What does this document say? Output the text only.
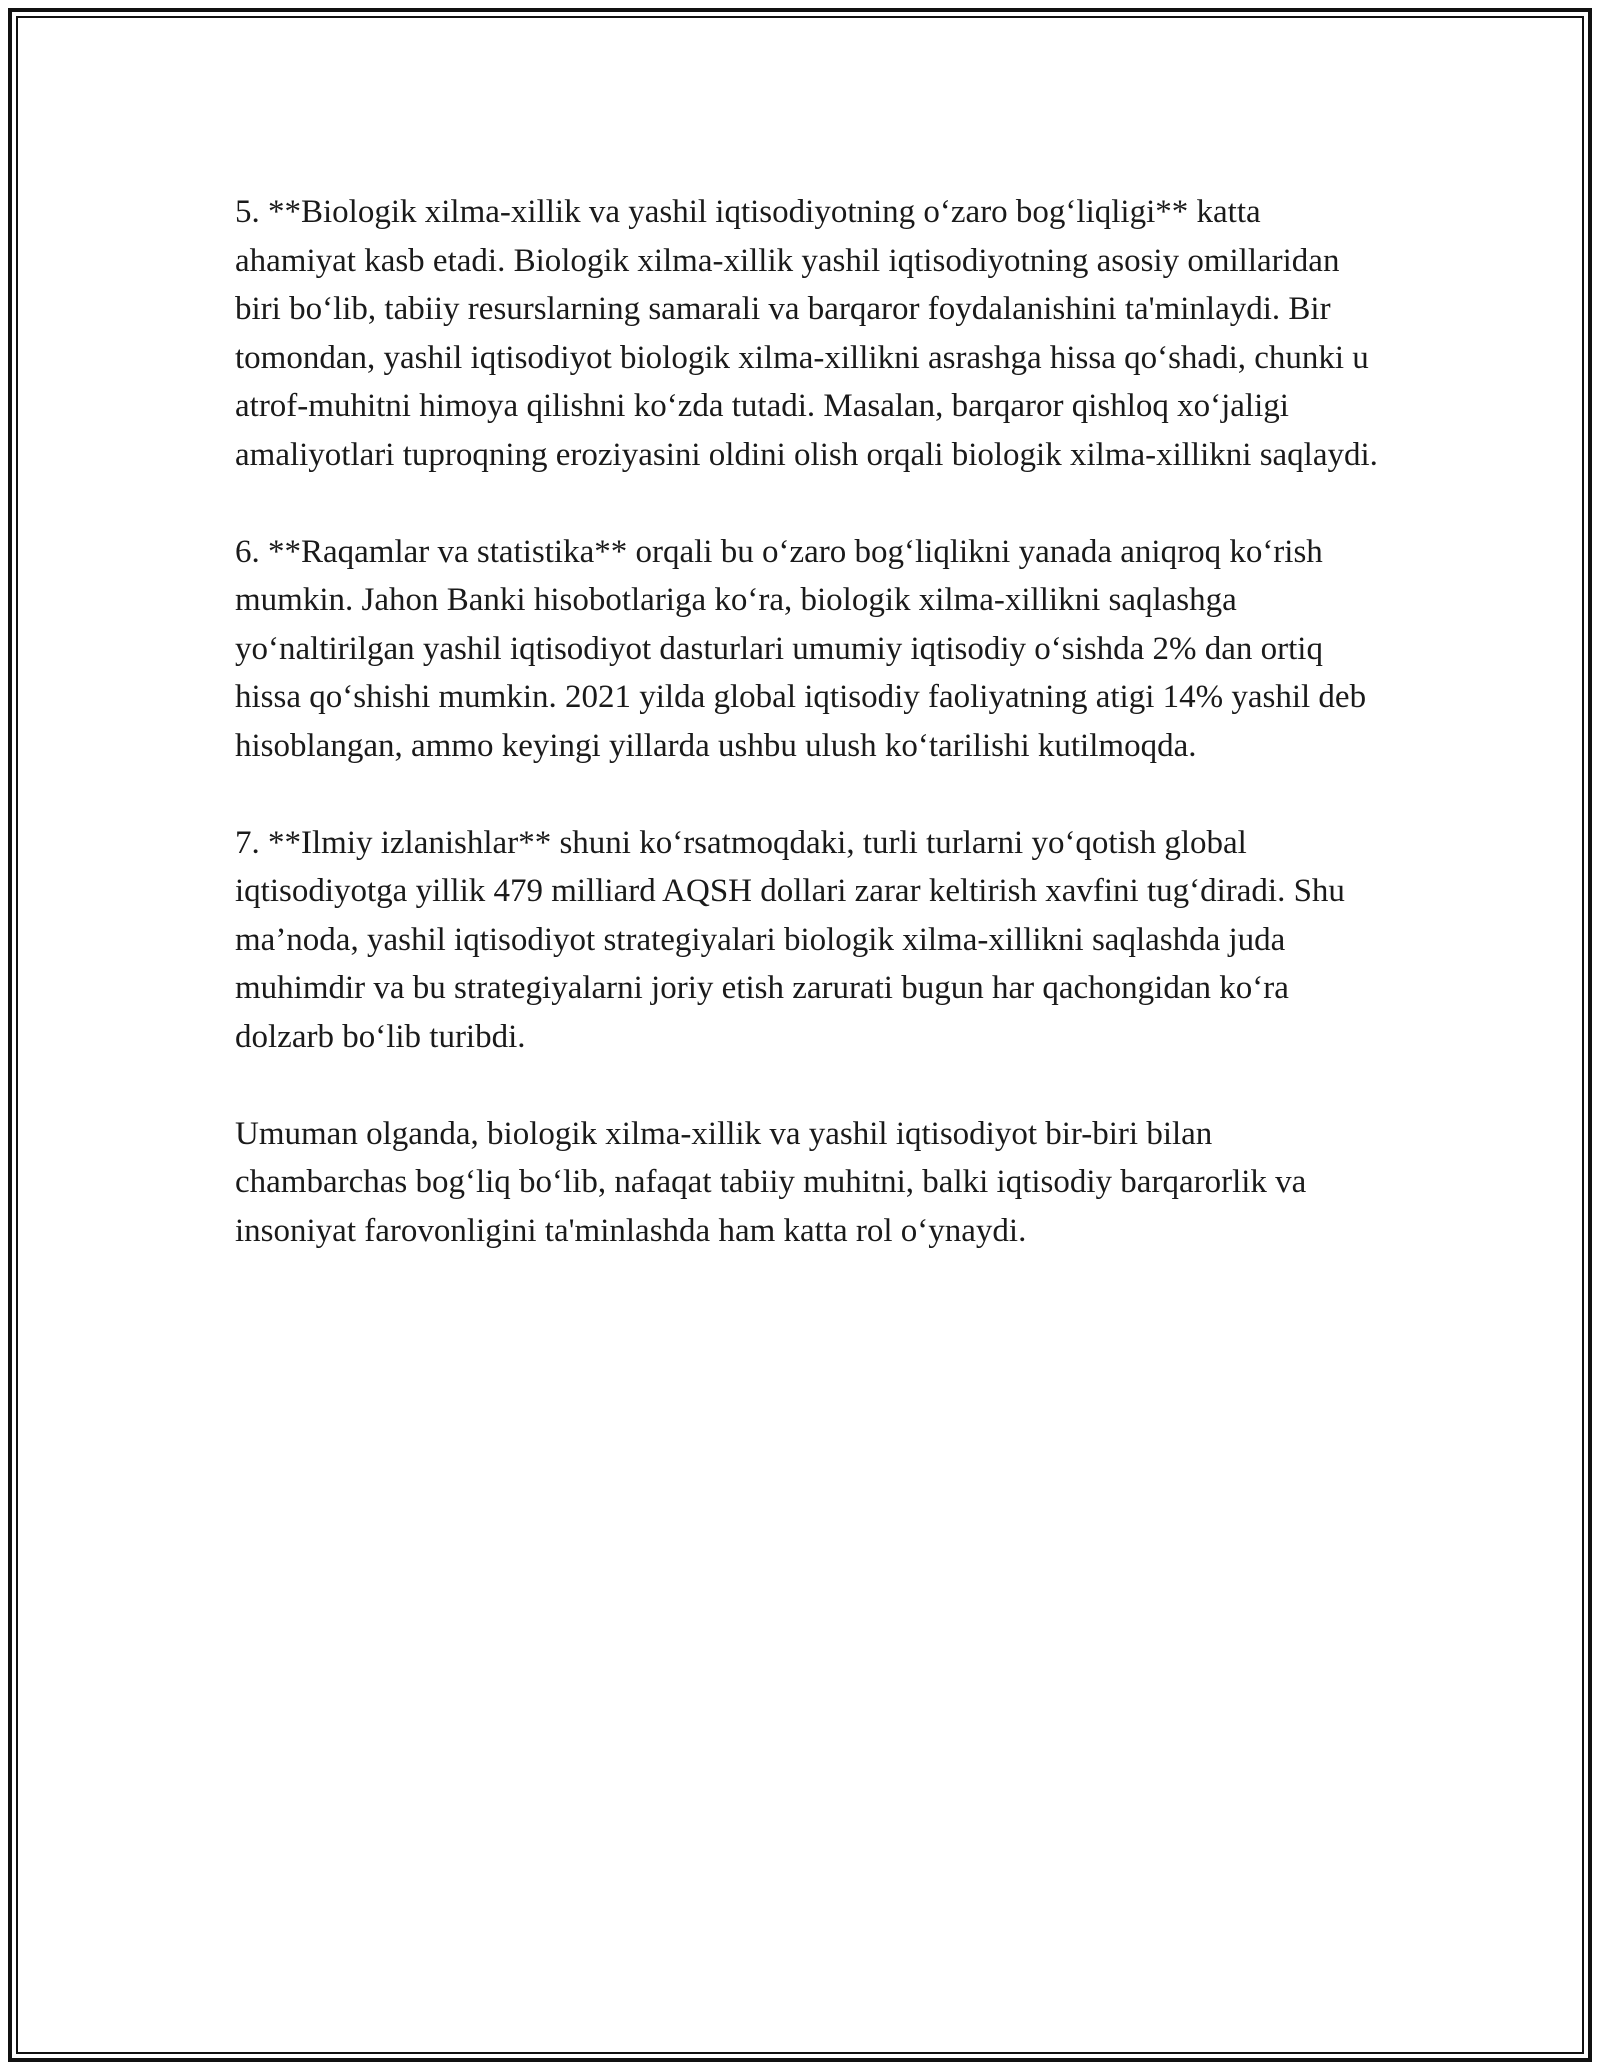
5. **Biologik xilma-xillik va yashil iqtisodiyotning o‘zaro bog‘liqligi** katta ahamiyat kasb etadi. Biologik xilma-xillik yashil iqtisodiyotning asosiy omillaridan biri bo‘lib, tabiiy resurslarning samarali va barqaror foydalanishini ta'minlaydi. Bir tomondan, yashil iqtisodiyot biologik xilma-xillikni asrashga hissa qo‘shadi, chunki u atrof-muhitni himoya qilishni ko‘zda tutadi. Masalan, barqaror qishloq xo‘jaligi amaliyotlari tuproqning eroziyasini oldini olish orqali biologik xilma-xillikni saqlaydi.

6. **Raqamlar va statistika** orqali bu o‘zaro bog‘liqlikni yanada aniqroq ko‘rish mumkin. Jahon Banki hisobotlariga ko‘ra, biologik xilma-xillikni saqlashga yo‘naltirilgan yashil iqtisodiyot dasturlari umumiy iqtisodiy o‘sishda 2% dan ortiq hissa qo‘shishi mumkin. 2021 yilda global iqtisodiy faoliyatning atigi 14% yashil deb hisoblangan, ammo keyingi yillarda ushbu ulush ko‘tarilishi kutilmoqda.

7. **Ilmiy izlanishlar** shuni ko‘rsatmoqdaki, turli turlarni yo‘qotish global iqtisodiyotga yillik 479 milliard AQSH dollari zarar keltirish xavfini tug‘diradi. Shu ma’noda, yashil iqtisodiyot strategiyalari biologik xilma-xillikni saqlashda juda muhimdir va bu strategiyalarni joriy etish zarurati bugun har qachongidan ko‘ra dolzarb bo‘lib turibdi.

Umuman olganda, biologik xilma-xillik va yashil iqtisodiyot bir-biri bilan chambarchas bog‘liq bo‘lib, nafaqat tabiiy muhitni, balki iqtisodiy barqarorlik va insoniyat farovonligini ta'minlashda ham katta rol o‘ynaydi.
